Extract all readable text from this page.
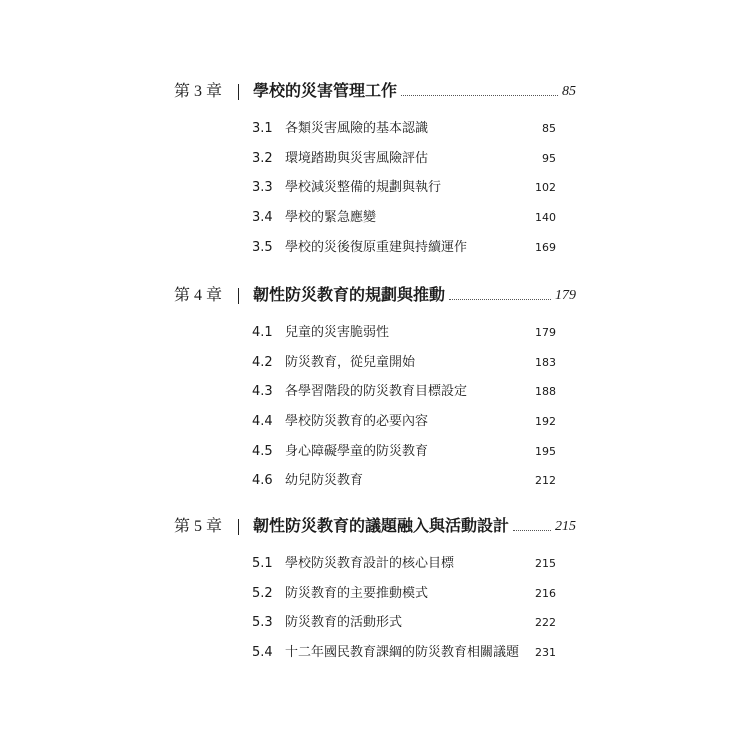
第 3 章 學校的災害管理工作	85
3.1 各類災害風險的基本認識	85
3.2 環境踏勘與災害風險評估	95
3.3 學校減災整備的規劃與執行	102
3.4 學校的緊急應變	140
3.5 學校的災後復原重建與持續運作	169
第 4 章 韌性防災教育的規劃與推動	179
4.1 兒童的災害脆弱性	179
4.2 防災教育，從兒童開始	183
4.3 各學習階段的防災教育目標設定	188
4.4 學校防災教育的必要內容	192
4.5 身心障礙學童的防災教育	195
4.6 幼兒防災教育	212
第 5 章 韌性防災教育的議題融入與活動設計	215
5.1 學校防災教育設計的核心目標	215
5.2 防災教育的主要推動模式	216
5.3 防災教育的活動形式	222
5.4 十二年國民教育課綱的防災教育相關議題 231
